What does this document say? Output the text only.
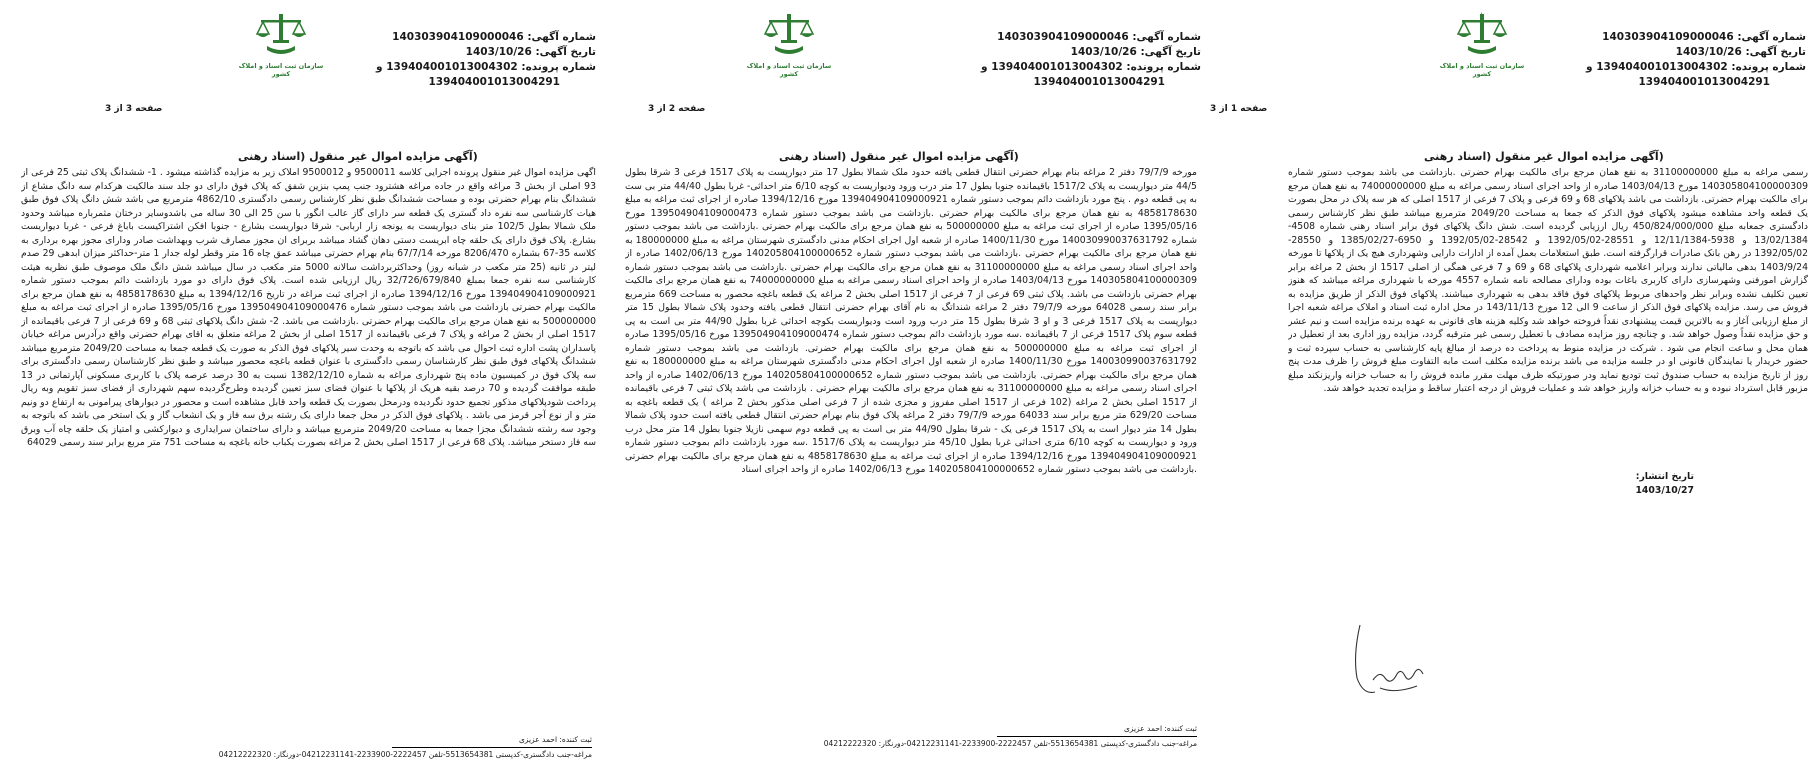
شماره آگهی: 140303904109000046
تاریخ آگهی: 1403/10/26
شماره پرونده: 139404001013004302 و
139404001013004291
سازمان ثبت اسناد و املاک کشور
صفحه 1 از 3
(آگهی مزایده اموال غیر منقول (اسناد رهنی

رسمی مراغه به مبلغ 31100000000 به نفع همان مرجع برای مالکیت بهرام حضرتی .بازداشت می باشد بموجب دستور شماره 140305804100000309 مورخ 1403/04/13 صادره از واحد اجرای اسناد رسمی مراغه به مبلغ 74000000000 به نفع همان مرجع برای مالکیت بهرام حضرتی. بازداشت می باشد پلاکهای 68 و 69 فرعی و پلاک 7 فرعی از 1517 اصلی که هر سه پلاک در محل بصورت یک قطعه واحد مشاهده میشود پلاکهای فوق الذکر که جمعا به مساحت 2049/20 مترمربع میباشد طبق نظر کارشناس رسمی دادگستری جمعابه مبلغ 450/824/000/000 ریال ارزیابی گردیده است. شش دانگ پلاکهای فوق برابر اسناد رهنی شماره 4508-13/02/1384 و 5938-12/11/1384 و 28551-1392/05/02 و 28542-1392/05/02 و 6950-1385/02/27 و 28550- 1392/05/02 در رهن بانک صادرات قرارگرفته است. طبق استعلامات بعمل آمده از ادارات دارایی وشهرداری هیچ یک از پلاکها تا مورخه 1403/9/24 بدهی مالیاتی ندارند وبرابر اعلامیه شهرداری پلاکهای 68 و 69 و 7 فرعی همگی از اصلی 1517 از بخش 2 مراغه برابر گزارش امورفنی وشهرسازی دارای کاربری باغات بوده ودارای مصالحه نامه شماره 4557 مورخه با شهرداری مراغه میباشد که هنوز تعیین تکلیف نشده وبرابر نظر واحدهای مربوط پلاکهای فوق فاقد بدهی به شهرداری میباشند. پلاکهای فوق الذکر از طریق مزایده به فروش می رسد. مزایده پلاکهای فوق الذکر از ساعت 9 الی 12 مورخ 143/11/13 در محل اداره ثبت اسناد و املاک مراغه شعبه اجرا از مبلغ ارزیابی آغاز و به بالاترین قیمت پیشنهادی نقداً فروخته خواهد شد وکلیه هزینه های قانونی به عهده برنده مزایده است و نیم عشر و حق مزایده نقداً وصول خواهد شد. و چنانچه روز مزایده مصادف با تعطیل رسمی غیر مترقبه گردد، مزایده روز اداری بعد از تعطیل در همان محل و ساعت انجام می شود . شرکت در مزایده منوط به پرداخت ده درصد از مبالغ پایه کارشناسی به حساب سپرده ثبت و حضور خریدار یا نمایندگان قانونی او در جلسه مزایده می باشد برنده مزایده مکلف است مابه التفاوت مبلغ فروش را ظرف مدت پنج روز از تاریخ مزایده به حساب صندوق ثبت تودیع نماید ودر صورتیکه ظرف مهلت مقرر مانده فروش را به حساب خزانه واریزنکند مبلغ مزبور قابل استرداد نبوده و به حساب خزانه واریز خواهد شد و عملیات فروش از درجه اعتبار ساقط و مزایده تجدید خواهد شد.

تاریخ انتشار:
1403/10/27
شماره آگهی: 140303904109000046
تاریخ آگهی: 1403/10/26
شماره پرونده: 139404001013004302 و
139404001013004291
سازمان ثبت اسناد و املاک کشور
صفحه 2 از 3
(آگهی مزایده اموال غیر منقول (اسناد رهنی

مورخه 79/7/9 دفتر 2 مراغه بنام بهرام حضرتی انتقال قطعی یافته حدود ملک شمالا بطول 17 متر دیوارپست به پلاک 1517 فرعی 3 شرقا بطول 44/5 متر دیواریست به پلاک 1517/2 باقیمانده جنوبا بطول 17 متر درب ورود ودیواریست به کوچه 6/10 متر احداثی- غربا بطول 44/40 متر بی ست به پی قطعه دوم . پنج مورد بازداشت دائم بموجب دستور شماره 139404904109000921 مورخ 1394/12/16 صادره از اجرای ثبت مراغه به مبلغ 4858178630 به نفع همان مرجع برای مالکیت بهرام حضرتی .بازداشت می باشد بموجب دستور شماره 139504904109000473 مورخ 1395/05/16 صادره از اجرای ثبت مراغه به مبلغ 500000000 به نفع همان مرجع برای مالکیت بهرام حضرتی .بازداشت می باشد بموجب دستور شماره 140030990037631792 مورخ 1400/11/30 صادره از شعبه اول اجرای احکام مدنی دادگستری شهرستان مراغه به مبلغ 180000000 به نفع همان مرجع برای مالکیت بهرام حضرتی .بازداشت می باشد بموجب دستور شماره 140205804100000652 مورخ 1402/06/13 صادره از واحد اجرای اسناد رسمی مراغه به مبلغ 31100000000 به نفع همان مرجع برای مالکیت بهرام حضرتی .بازداشت می باشد بموجب دستور شماره 140305804100000309 مورخ 1403/04/13 صادره از واحد اجرای اسناد رسمی مراغه به مبلغ 74000000000 به نفع همان مرجع برای مالکیت بهرام حضرتی بازداشت می باشد. پلاک ثبتی 69 فرعی از 7 فرعی از 1517 اصلی بخش 2 مراغه یک قطعه باغچه محصور به مساحت 669 مترمربع برابر سند رسمی 64028 مورخه 79/7/9 دفتر 2 مراغه شنداتگ به نام آقای بهرام حضرتی انتقال قطعی یافته وحدود پلاک شمالا بطول 15 متر دیوارپست به پلاک 1517 فرعی 3 و او 3 شرقا بطول 15 متر درب ورود است ودیواریست بکوچه احداثی غربا بطول 44/90 متر بی است به پی قطعه سوم پلاک 1517 فرعی از 7 باقیمانده .سه مورد بازداشت دائم بموجب دستور شماره 139504904109000474 مورخ 1395/05/16 صادره از اجرای ثبت مراغه به مبلغ 500000000 به نفع همان مرجع برای مالکیت بهرام حضرتی. بازداشت می باشد بموجب دستور شماره 140030990037631792 مورخ 1400/11/30 صادره از شعبه اول اجرای احکام مدنی دادگستری شهرستان مراغه به مبلغ 180000000 به نفع همان مرجع برای مالکیت بهرام حضرتی. بازداشت می باشد بموجب دستور شماره 140205804100000652 مورخ 1402/06/13 صادره از واحد اجرای اسناد رسمی مراغه به مبلغ 31100000000 به نفع همان مرجع برای مالکیت بهرام حضرتی . بازداشت می باشد پلاک ثبتی 7 فرعی باقیمانده از 1517 اصلی بخش 2 مراغه (102 فرعی از 1517 اصلی مفروز و مجزی شده از 7 فرعی اصلی مذکور بخش 2 مراغه ) یک قطعه باغچه به مساحت 629/20 متر مربع برابر سند 64033 مورخه 79/7/9 دفتر 2 مراغه پلاک فوق بنام بهرام حضرتی انتقال قطعی یافته است حدود پلاک شمالا بطول 14 متر دیوار است به پلاک 1517 فرعی یک - شرقا بطول 44/90 متر بی است به پی قطعه دوم سهمی نازیلا جنوبا بطول 14 متر محل درب ورود و دیواریست به کوچه 6/10 متری احداثی غربا بطول 45/10 متر دیواریست به پلاک 1517/6 .سه مورد بازداشت دائم بموجب دستور شماره 139404904109000921 مورخ 1394/12/16 صادره از اجرای ثبت مراغه به مبلغ 4858178630 به نفع همان مرجع برای مالکیت بهرام حضرتی .بازداشت می باشد بموجب دستور شماره 140205804100000652 مورخ 1402/06/13 صادره از واحد اجرای اسناد

ثبت کننده: احمد عزیزی
مراغه-جنب دادگستری-کدپستی 5513654381-تلفن 2222457-2233900-04212231141-دورنگار: 04212222320
شماره آگهی: 140303904109000046
تاریخ آگهی: 1403/10/26
شماره پرونده: 139404001013004302 و
139404001013004291
سازمان ثبت اسناد و املاک کشور
صفحه 3 از 3
(آگهی مزایده اموال غیر منقول (اسناد رهنی

اگهی مزایده اموال غیر منقول پرونده اجرایی کلاسه 9500011 و 9500012 املاک زیر به مزایده گذاشته میشود . 1- ششدانگ پلاک ثبتی 25 فرعی از 93 اصلی از بخش 3 مراغه واقع در جاده مراغه هشترود جنب پمپ بنزین شفق که پلاک فوق دارای دو جلد سند مالکیت هرکدام سه دانگ مشاع از ششدانگ بنام بهرام حضرتی بوده و مساحت ششدانگ طبق نظر کارشناس رسمی دادگستری 4862/10 مترمربع می باشد شش دانگ پلاک فوق طبق هیات کارشناسی سه نفره داد گستری یک قطعه سر دارای گاز عالب انگور با سن 25 الی 30 ساله می باشدوسایر درختان مثمرباره میباشد وحدود ملک شمالا بطول 102/5 متر بنای دیواریست به یونجه زار اربابی- شرقا دیواریست بشارع - جنوبا افکن اشتراکیست باباغ فرعی - غربا دیواریست بشارع. پلاک فوق دارای یک حلقه چاه ابریست دستی دهان گشاد میباشد بربرای ان مجوز مصارف شرب وبهداشت صادر ودارای مجوز بهره برداری به کلاسه 35-67 بشماره 8206/470 مورخه 67/7/14 بنام بهرام حضرتی میباشد عمق چاه 16 متر وقطر لوله جدار 1 متر-حداکثر میزان ابدهی 29 صدم لیتر در ثانیه (25 متر مکعب در شبانه روز) وحداکثربرداشت سالانه 5000 متر مکعب در سال میباشد شش دانگ ملک موصوف طبق نظریه هیئت کارشناسی سه نفره جمعا بمبلغ 32/726/679/840 ریال ارزیابی شده است. پلاک فوق دارای دو مورد بازداشت دائم بموجب دستور شماره 139404904109000921 مورخ 1394/12/16 صادره از اجرای ثبت مراغه در تاریخ 1394/12/16 به مبلغ 4858178630 به نفع همان مرجع برای مالکیت بهرام حضرتی بازداشت می باشد بموجب دستور شماره 139504904109000476 مورخ 1395/05/16 صادره از اجرای ثبت مراغه به مبلغ 500000000 به نفع همان مرجع برای مالکیت بهرام حضرتی .بازداشت می باشد. 2- شش دانگ پلاکهای ثبتی 68 و 69 فرعی از 7 فرعی باقیمانده از 1517 اصلی از بخش 2 مراغه و پلاک 7 فرعی باقیمانده از 1517 اصلی از بخش 2 مراغه متعلق به اقای بهرام حضرتی واقع درآدرس مراغه خیابان پاسداران پشت اداره ثبت احوال می باشد که باتوجه به وحدت سیر پلاکهای فوق الذکر به صورت یک قطعه جمعا به مساحت 2049/20 مترمربع میباشد ششدانگ پلاکهای فوق طبق نظر کارشناسان رسمی دادگستری با عنوان قطعه باغچه محصور میباشد و طبق نظر کارشناسان رسمی دادگستری برای سه پلاک فوق در کمیسیون ماده پنج شهرداری مراغه به شماره 1382/12/10 نسبت به 30 درصد عرصه پلاک با کاربری مسکونی آپارتمانی در 13 طبقه موافقت گردیده و 70 درصد بقیه هریک از پلاکها با عنوان فضای سبز تعیین گردیده وطرح‌گردیده سهم شهرداری از فضای سبز تقویم وبه ریال پرداخت شودپلاکهای مذکور تجمیع حدود نگردیده ودرمحل بصورت یک قطعه واحد قابل مشاهده است و محصور در دیوارهای پیرامونی به ارتفاع دو ونیم متر و از نوع آجر قرمز می باشد . پلاکهای فوق الذکر در محل جمعا دارای یک رشته برق سه فاز و یک انشعاب گاز و یک استخر می باشد که باتوجه به وجود سه رشته ششدانگ مجزا جمعا به مساحت 2049/20 مترمربع میباشد و دارای ساختمان سرایداری و دیوارکشی و امتیاز یک حلقه چاه آب وبرق سه فاز دستخر میباشد. پلاک 68 فرعی از 1517 اصلی بخش 2 مراغه بصورت یکباب خانه باغچه به مساحت 751 متر مربع برابر سند رسمی 64029

ثبت کننده: احمد عزیزی
مراغه-جنب دادگستری-کدپستی 5513654381-تلفن 2222457-2233900-04212231141-دورنگار: 04212222320
